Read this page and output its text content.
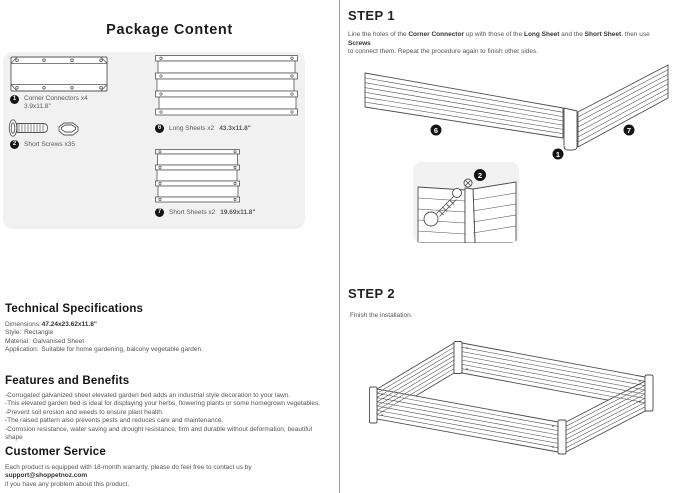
Package Content
1	Corner Connectors x4
3.9x11.8"
2	Short Screws x35
6	Long Sheets x2 43.3x11.8"
7	Short Sheets x2 19.69x11.8"
Technical Specifications
Dimensions:47.24x23.62x11.8"
Style: Rectangle
Material: Galvanised Sheet
Application: Suitable for home gardening, balcony vegetable garden.
Features and Benefits
-Corrugated galvanized sheet elevated garden bed adds an industrial style decoration to your lawn.
-This elevated garden bed is ideal for displaying your herbs, flowering plants or some homegrown vegetables.
-Prevent soil erosion and weeds to ensure plant health.
-The raised pattern also prevents pests and reduces care and maintenance.
-Corrosion resistance, water saving and drought resistance, firm and durable without deformation, beautiful shape
Customer Service
Each product is equipped with 18-month warranty, please do feel free to contact us by support@shoppetnoz.com
if you have any problem about this product.
STEP 1
Line the holes of the Corner Connector up with those of the Long Sheet and the Short Sheet, then use Screws
to connect them. Repeat the procedure again to finish other sides.
6
1
7
2
STEP 2
Finish the installation.
